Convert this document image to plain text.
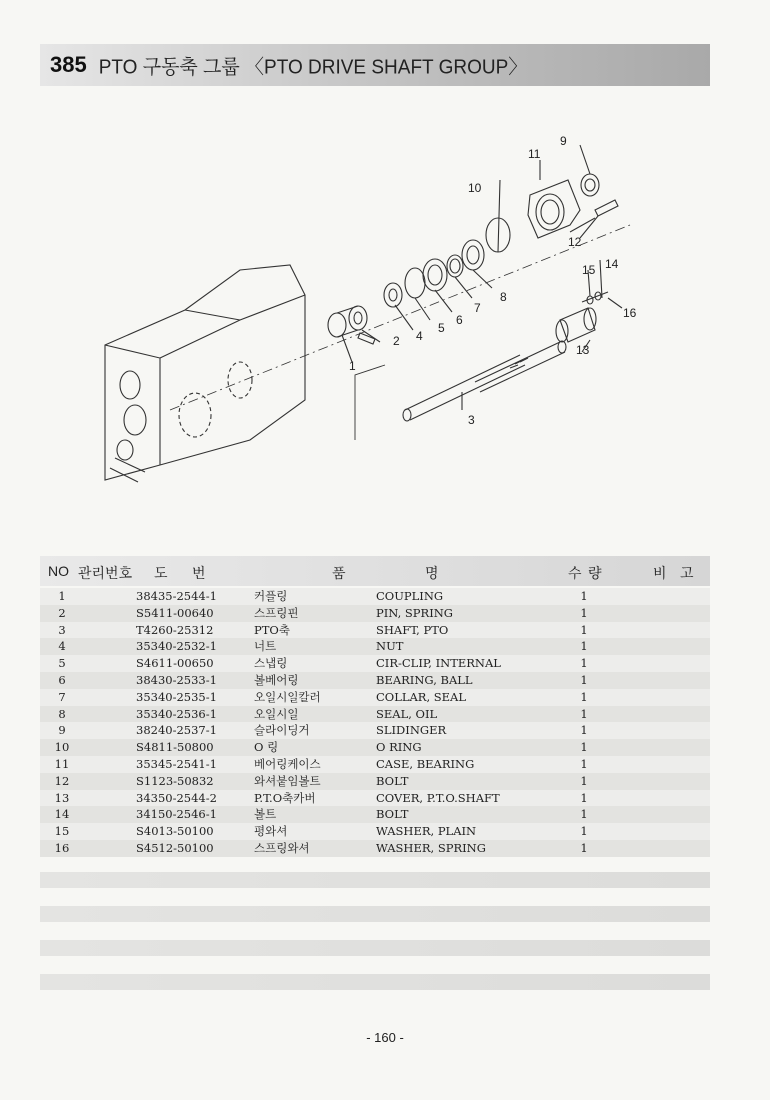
385 PTO 구동축 그룹 〈PTO DRIVE SHAFT GROUP〉
1
2
3
4
5
6
7
8
9
10
11
12
13
14
15
16
NO 관리번호 도 번	품	명	수 량	비 고
1	38435-2544-1	커플링	COUPLING	1
2	S5411-00640	스프링핀	PIN, SPRING	1
3	T4260-25312	PTO축	SHAFT, PTO	1
4	35340-2532-1	너트	NUT	1
5	S4611-00650	스냅링	CIR-CLIP, INTERNAL	1
6	38430-2533-1	볼베어링	BEARING, BALL	1
7	35340-2535-1	오일시일칼러	COLLAR, SEAL	1
8	35340-2536-1	오일시일	SEAL, OIL	1
9	38240-2537-1	슬라이딩거	SLIDINGER	1
10	S4811-50800	O 링	O RING	1
11	35345-2541-1	베어링케이스	CASE, BEARING	1
12	S1123-50832	와셔붙임볼트	BOLT	1
13	34350-2544-2	P.T.O축카버	COVER, P.T.O.SHAFT	1
14	34150-2546-1	볼트	BOLT	1
15	S4013-50100	평와셔	WASHER, PLAIN	1
16	S4512-50100	스프링와셔	WASHER, SPRING	1
- 160 -
